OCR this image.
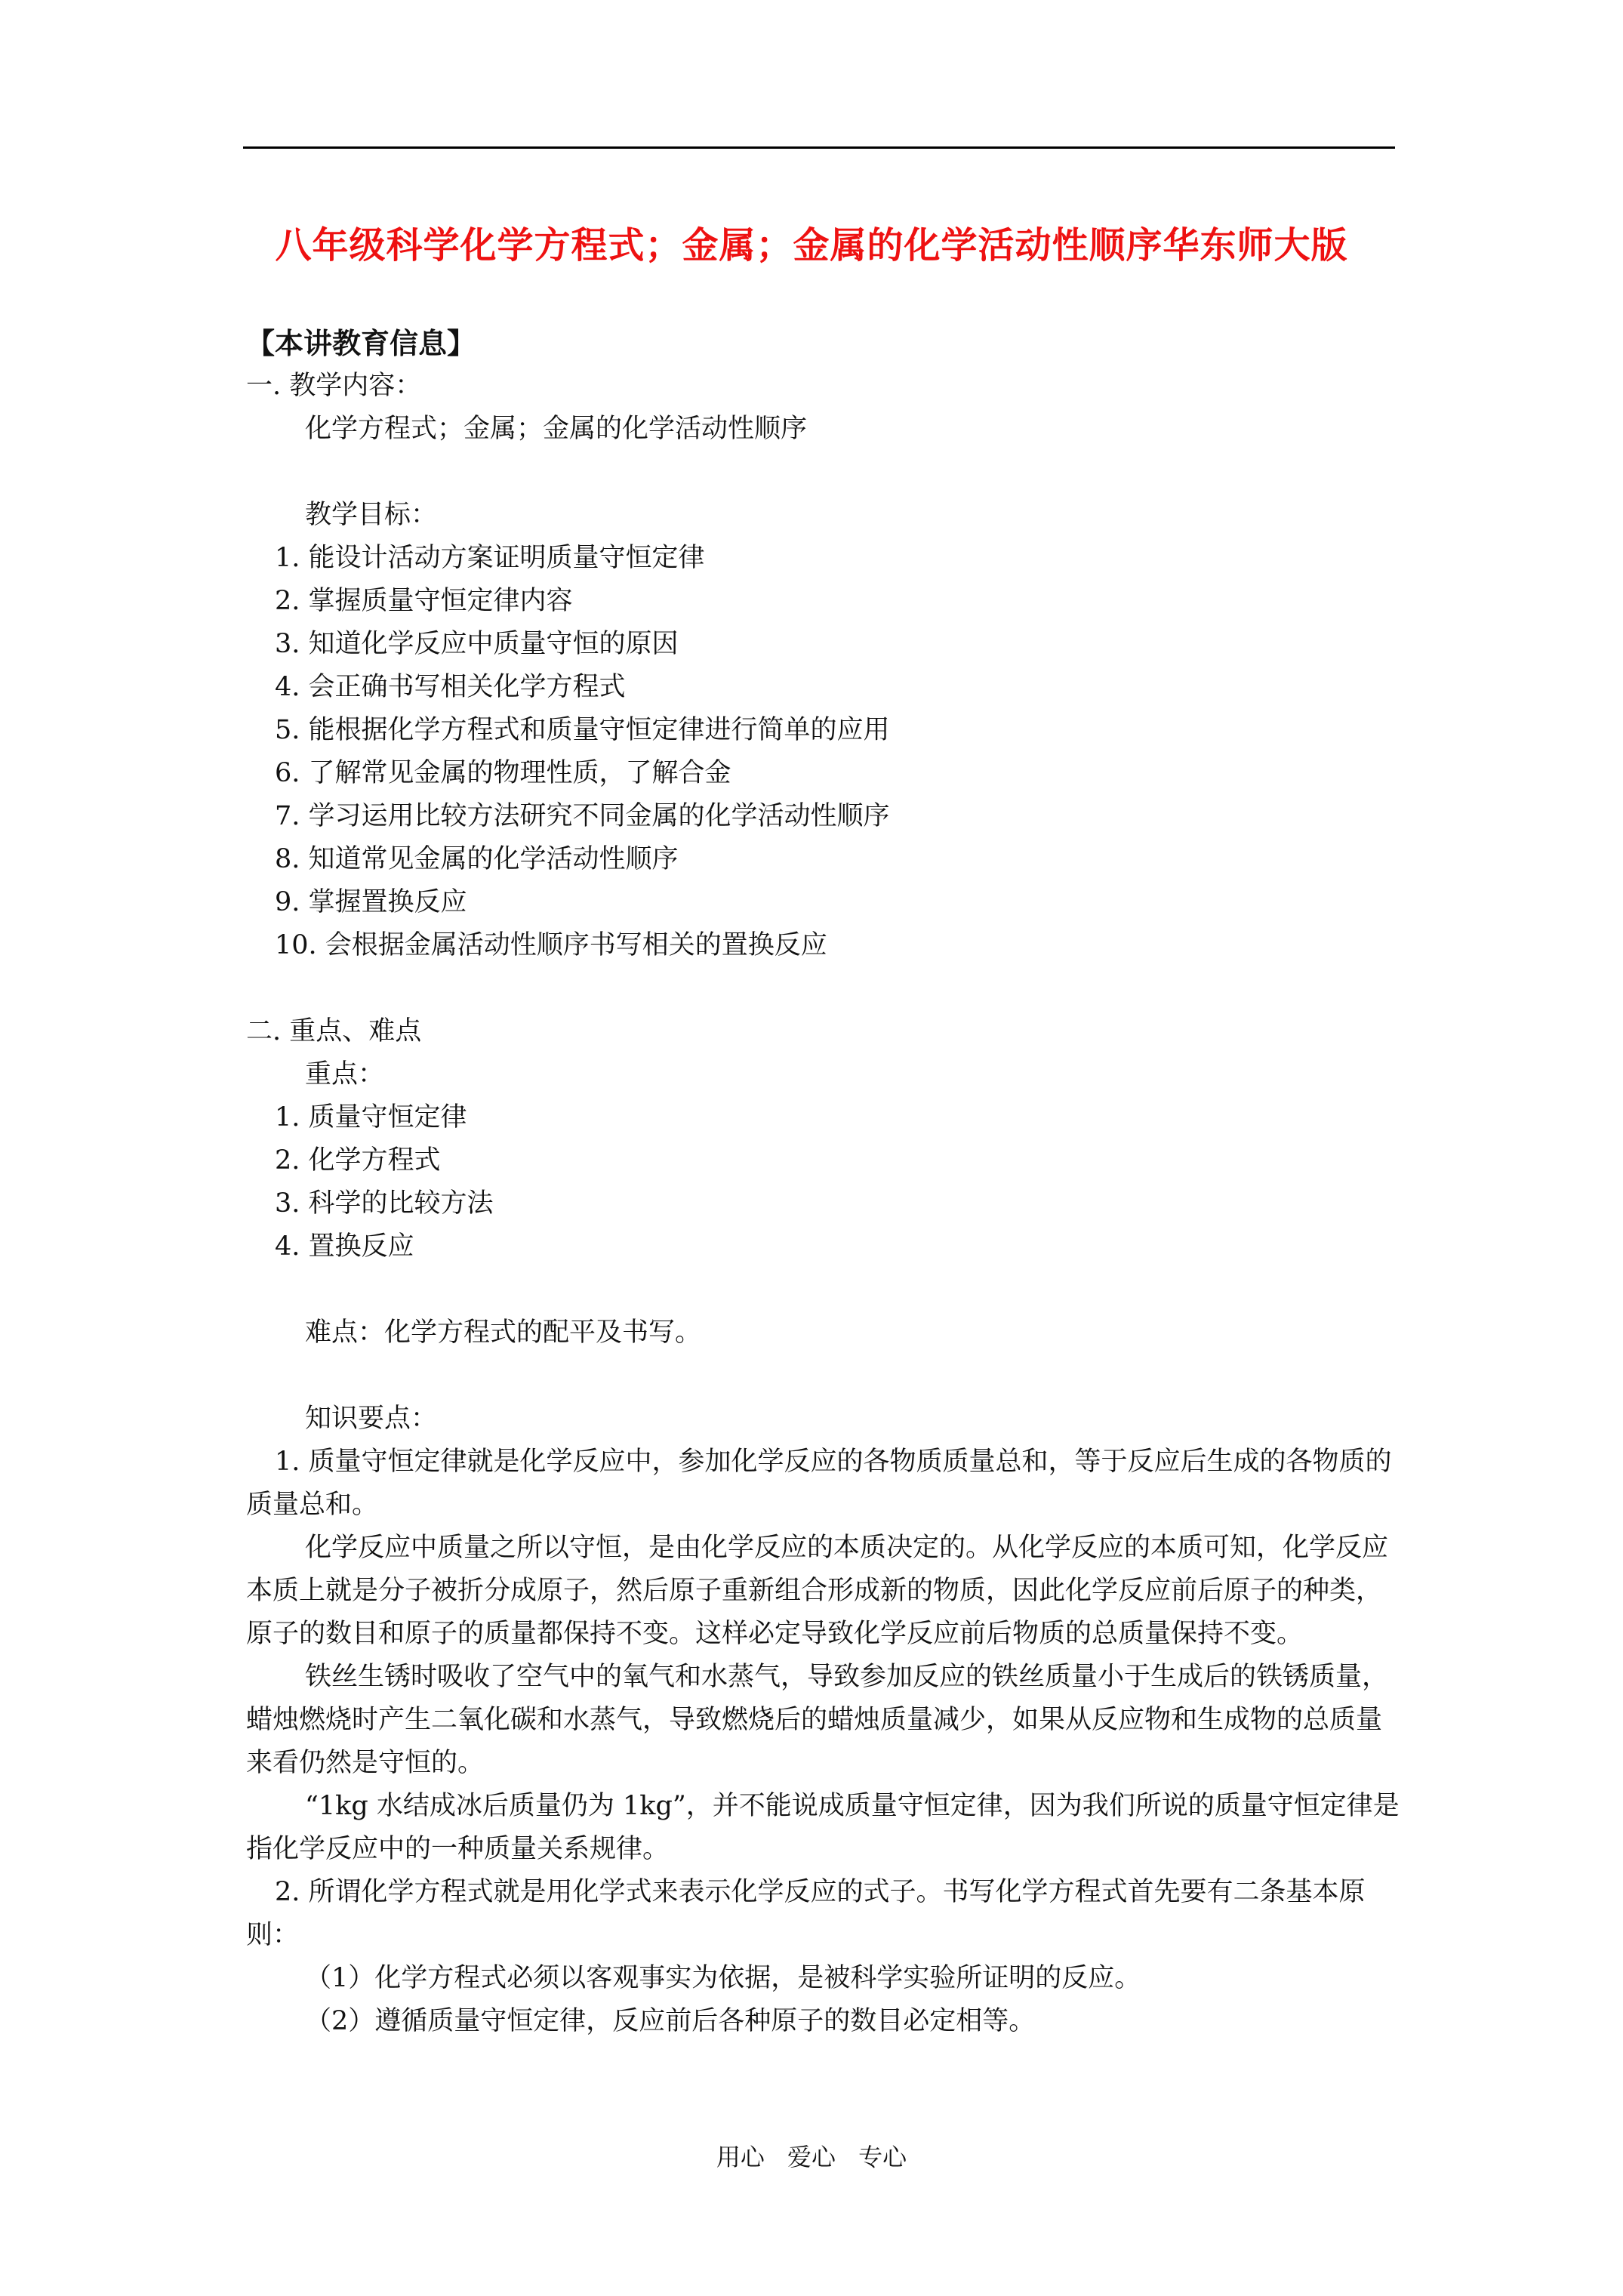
八年级科学化学方程式；金属；金属的化学活动性顺序华东师大版

【本讲教育信息】

一. 教学内容：

化学方程式；金属；金属的化学活动性顺序

教学目标：

1. 能设计活动方案证明质量守恒定律

2. 掌握质量守恒定律内容

3. 知道化学反应中质量守恒的原因

4. 会正确书写相关化学方程式

5. 能根据化学方程式和质量守恒定律进行简单的应用

6. 了解常见金属的物理性质，了解合金

7. 学习运用比较方法研究不同金属的化学活动性顺序

8. 知道常见金属的化学活动性顺序

9. 掌握置换反应

10. 会根据金属活动性顺序书写相关的置换反应

二. 重点、难点

重点：

1. 质量守恒定律

2. 化学方程式

3. 科学的比较方法

4. 置换反应

难点：化学方程式的配平及书写。

知识要点：

1. 质量守恒定律就是化学反应中，参加化学反应的各物质质量总和，等于反应后生成的各物质的质量总和。

化学反应中质量之所以守恒，是由化学反应的本质决定的。从化学反应的本质可知，化学反应本质上就是分子被折分成原子，然后原子重新组合形成新的物质，因此化学反应前后原子的种类，原子的数目和原子的质量都保持不变。这样必定导致化学反应前后物质的总质量保持不变。

铁丝生锈时吸收了空气中的氧气和水蒸气，导致参加反应的铁丝质量小于生成后的铁锈质量，蜡烛燃烧时产生二氧化碳和水蒸气，导致燃烧后的蜡烛质量减少，如果从反应物和生成物的总质量来看仍然是守恒的。

“1kg 水结成冰后质量仍为 1kg”，并不能说成质量守恒定律，因为我们所说的质量守恒定律是指化学反应中的一种质量关系规律。

2. 所谓化学方程式就是用化学式来表示化学反应的式子。书写化学方程式首先要有二条基本原则：

（1）化学方程式必须以客观事实为依据，是被科学实验所证明的反应。

（2）遵循质量守恒定律，反应前后各种原子的数目必定相等。

用心 爱心 专心
